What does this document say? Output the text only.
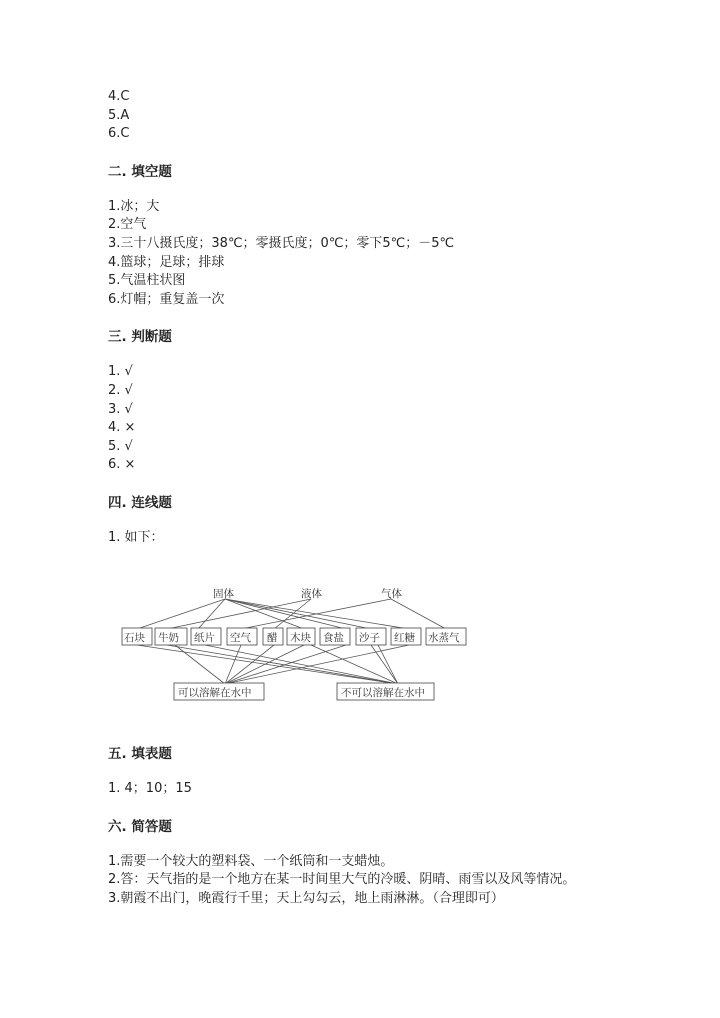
4.C
5.A
6.C
二. 填空题
1.冰；大
2.空气
3.三十八摄氏度；38℃；零摄氏度；0℃；零下5℃；－5℃
4.篮球；足球；排球
5.气温柱状图
6.灯帽；重复盖一次
三. 判断题
1. √
2. √
3. √
4. ×
5. √
6. ×
四. 连线题
1. 如下：
固体	液体	气体
石块 牛奶 纸片 空气 醋 木块 食盐 沙子 红糖 水蒸气
可以溶解在水中	不可以溶解在水中
五. 填表题
1. 4；10；15
六. 简答题
1.需要一个较大的塑料袋、一个纸筒和一支蜡烛。
2.答：天气指的是一个地方在某一时间里大气的冷暖、阴晴、雨雪以及风等情况。
3.朝霞不出门，晚霞行千里；天上勾勾云，地上雨淋淋。（合理即可）
